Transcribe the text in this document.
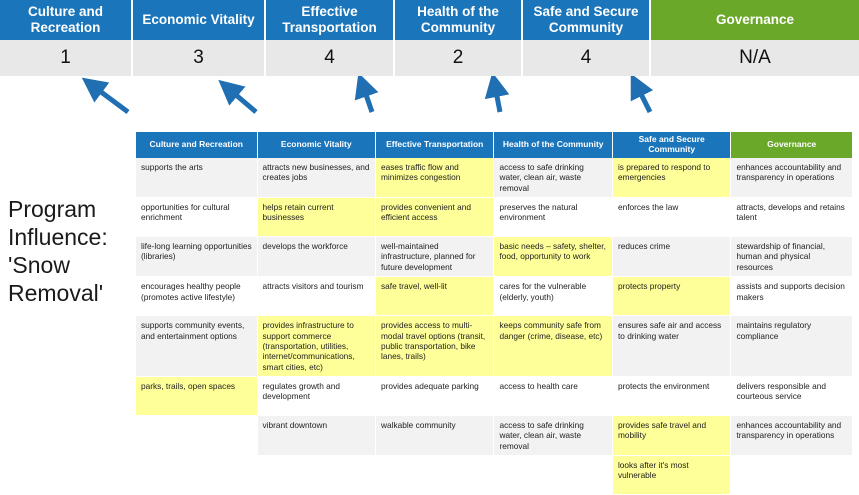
Culture and Recreation
Economic Vitality
Effective Transportation
Health of the Community
Safe and Secure Community
Governance
1	3	4	2	4	N/A
Program Influence: 'Snow Removal'
Culture and Recreation	Economic Vitality	Effective Transportation	Health of the Community	Safe and Secure Community	Governance
supports the arts	attracts new businesses, and creates jobs	eases traffic flow and minimizes congestion	access to safe drinking water, clean air, waste removal	is prepared to respond to emergencies	enhances accountability and transparency in operations
opportunities for cultural enrichment	helps retain current businesses	provides convenient and efficient access	preserves the natural environment	enforces the law	attracts, develops and retains talent
life-long learning opportunities (libraries)	develops the workforce	well-maintained infrastructure, planned for future development	basic needs – safety, shelter, food, opportunity to work	reduces crime	stewardship of financial, human and physical resources
encourages healthy people (promotes active lifestyle)	attracts visitors and tourism	safe travel, well-lit	cares for the vulnerable (elderly, youth)	protects property	assists and supports decision makers
supports community events, and entertainment options	provides infrastructure to support commerce (transportation, utilities, internet/communications, smart cities, etc)	provides access to multi-modal travel options (transit, public transportation, bike lanes, trails)	keeps community safe from danger (crime, disease, etc)	ensures safe air and access to drinking water	maintains regulatory compliance
parks, trails, open spaces	regulates growth and development	provides adequate parking	access to health care	protects the environment	delivers responsible and courteous service
	vibrant downtown	walkable community	access to safe drinking water, clean air, waste removal	provides safe travel and mobility	enhances accountability and transparency in operations
				looks after it's most vulnerable	
